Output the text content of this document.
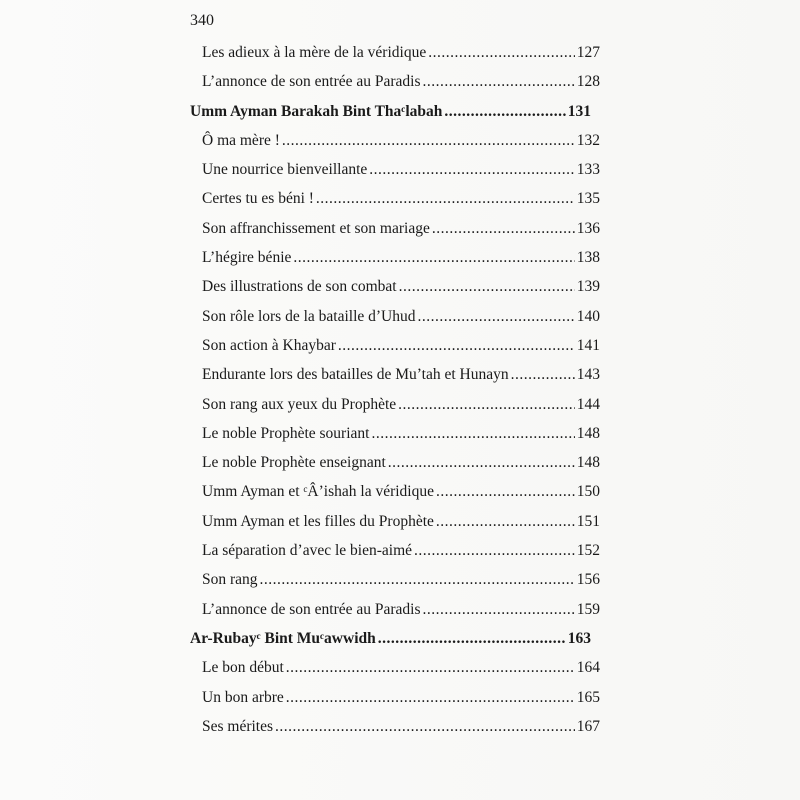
340
Les adieux à la mère de la véridique .....	127
L’annonce de son entrée au Paradis .....	128
Umm Ayman Barakah Bint Thaᶜlabah .....	131
Ô ma mère ! .....	132
Une nourrice bienveillante .....	133
Certes tu es béni ! .....	135
Son affranchissement et son mariage .....	136
L’hégire bénie .....	138
Des illustrations de son combat .....	139
Son rôle lors de la bataille d’Uhud .....	140
Son action à Khaybar .....	141
Endurante lors des batailles de Mu’tah et Hunayn .....	143
Son rang aux yeux du Prophète .....	144
Le noble Prophète souriant .....	148
Le noble Prophète enseignant .....	148
Umm Ayman et ᶜÂ’ishah la véridique .....	150
Umm Ayman et les filles du Prophète .....	151
La séparation d’avec le bien-aimé .....	152
Son rang .....	156
L’annonce de son entrée au Paradis .....	159
Ar-Rubayᶜ Bint Muᶜawwidh .....	163
Le bon début .....	164
Un bon arbre .....	165
Ses mérites .....	167
